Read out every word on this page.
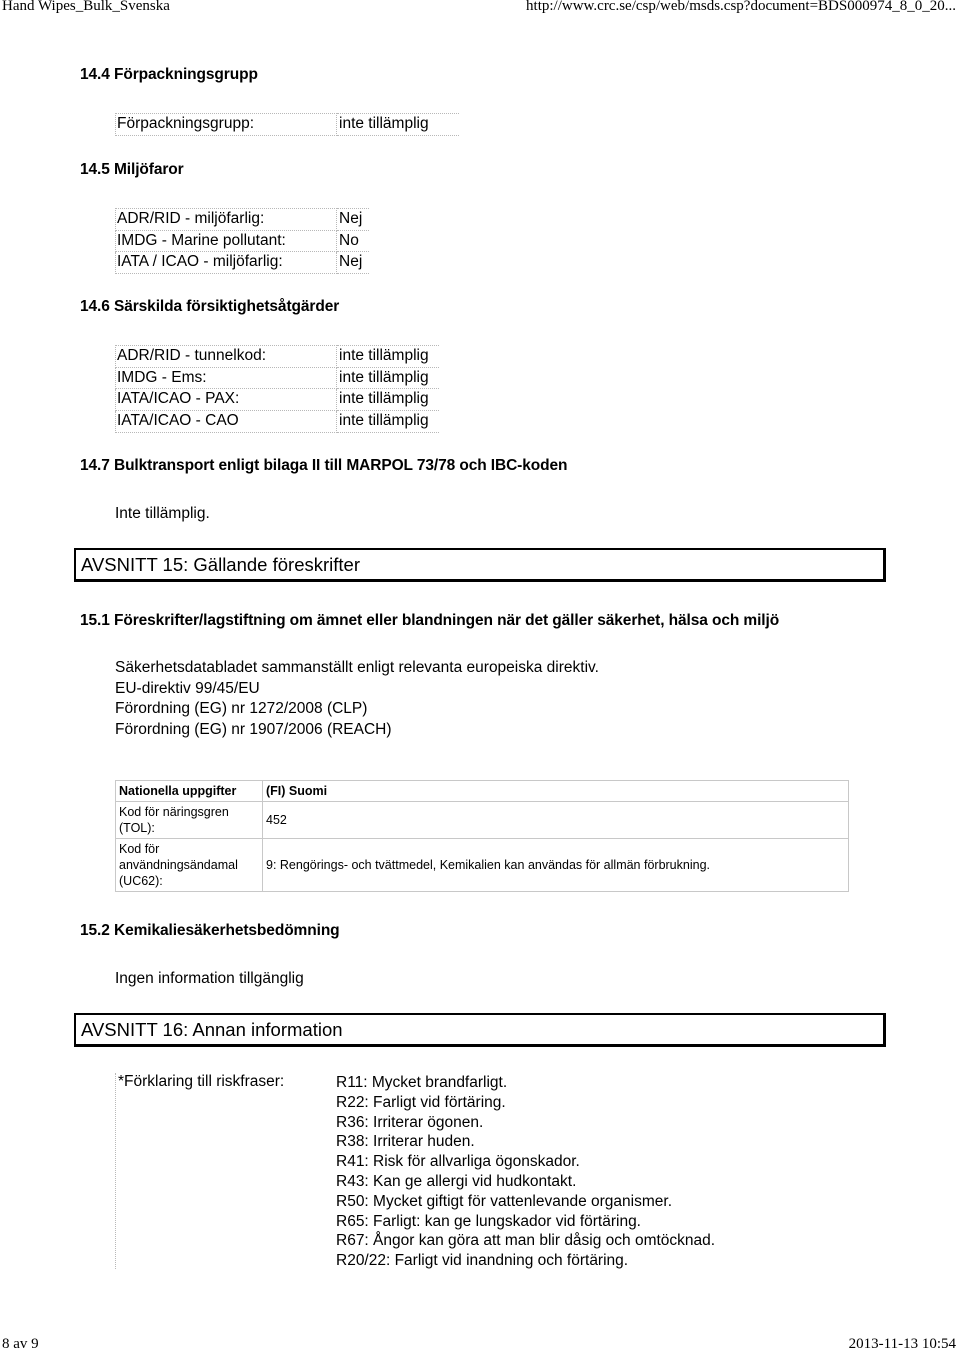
Hand Wipes_Bulk_Svenska	http://www.crc.se/csp/web/msds.csp?document=BDS000974_8_0_20...
14.4 Förpackningsgrupp
Förpackningsgrupp:	inte tillämplig
14.5 Miljöfaror
ADR/RID - miljöfarlig:	Nej
IMDG - Marine pollutant:	No
IATA / ICAO - miljöfarlig:	Nej
14.6 Särskilda försiktighetsåtgärder
ADR/RID - tunnelkod:	inte tillämplig
IMDG - Ems:	inte tillämplig
IATA/ICAO - PAX:	inte tillämplig
IATA/ICAO - CAO	inte tillämplig
14.7 Bulktransport enligt bilaga II till MARPOL 73/78 och IBC-koden
Inte tillämplig.
AVSNITT 15: Gällande föreskrifter
15.1 Föreskrifter/lagstiftning om ämnet eller blandningen när det gäller säkerhet, hälsa och miljö
Säkerhetsdatabladet sammanställt enligt relevanta europeiska direktiv.
EU-direktiv 99/45/EU
Förordning (EG) nr 1272/2008 (CLP)
Förordning (EG) nr 1907/2006 (REACH)
Nationella uppgifter	(FI) Suomi
Kod för näringsgren (TOL):	452
Kod för användningsändamal (UC62):	9: Rengörings- och tvättmedel, Kemikalien kan användas för allmän förbrukning.
15.2 Kemikaliesäkerhetsbedömning
Ingen information tillgänglig
AVSNITT 16: Annan information
*Förklaring till riskfraser:	R11: Mycket brandfarligt.
R22: Farligt vid förtäring.
R36: Irriterar ögonen.
R38: Irriterar huden.
R41: Risk för allvarliga ögonskador.
R43: Kan ge allergi vid hudkontakt.
R50: Mycket giftigt för vattenlevande organismer.
R65: Farligt: kan ge lungskador vid förtäring.
R67: Ångor kan göra att man blir dåsig och omtöcknad.
R20/22: Farligt vid inandning och förtäring.
8 av 9	2013-11-13 10:54
